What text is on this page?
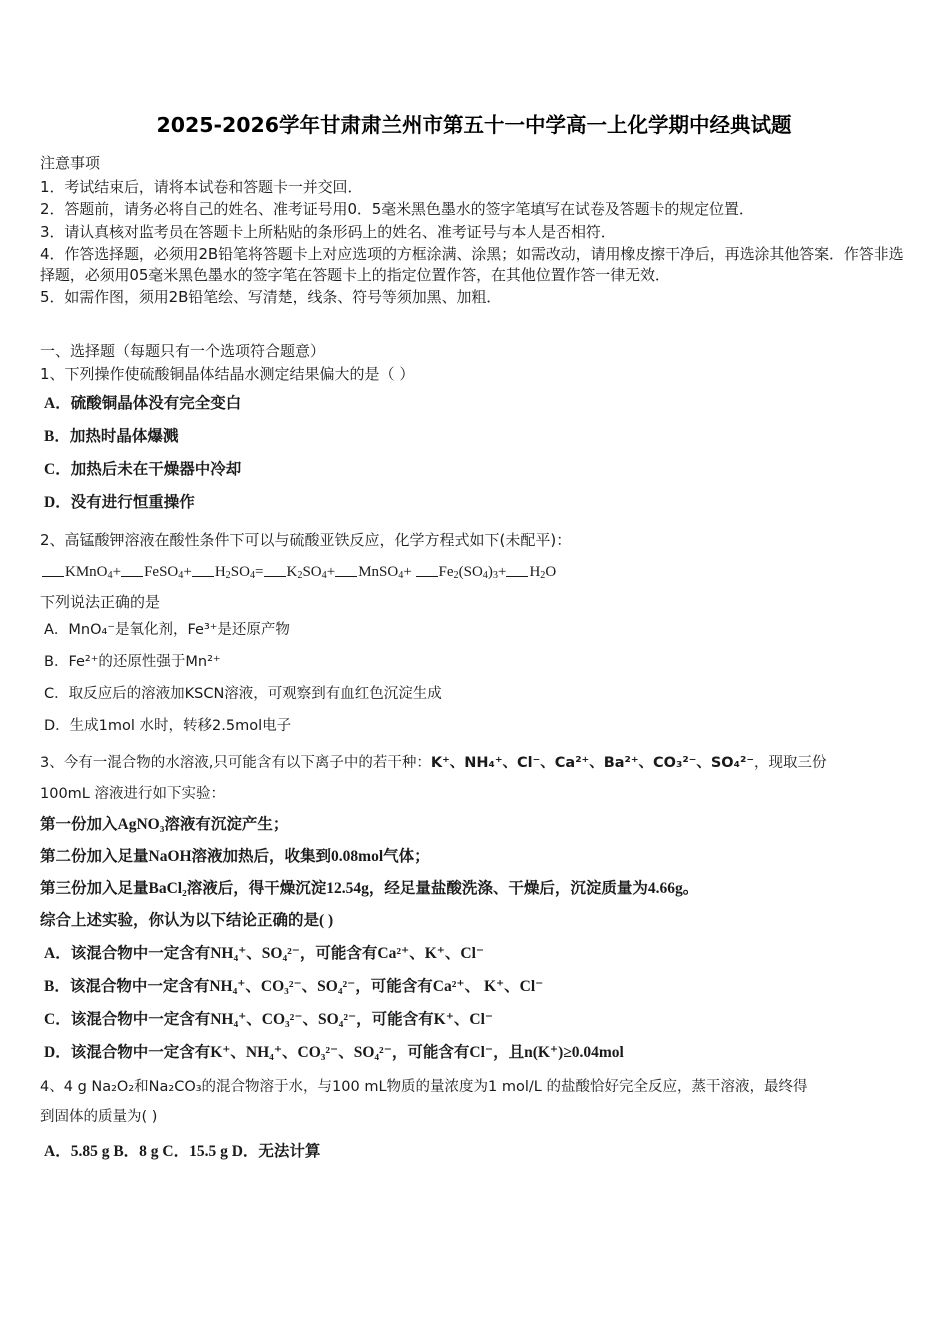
2025-2026学年甘肃肃兰州市第五十一中学高一上化学期中经典试题
注意事项
1．考试结束后，请将本试卷和答题卡一并交回．
2．答题前，请务必将自己的姓名、准考证号用0．5毫米黑色墨水的签字笔填写在试卷及答题卡的规定位置．
3．请认真核对监考员在答题卡上所粘贴的条形码上的姓名、准考证号与本人是否相符．
4．作答选择题，必须用2B铅笔将答题卡上对应选项的方框涂满、涂黑；如需改动，请用橡皮擦干净后，再选涂其他答案．作答非选择题，必须用05毫米黑色墨水的签字笔在答题卡上的指定位置作答，在其他位置作答一律无效．
5．如需作图，须用2B铅笔绘、写清楚，线条、符号等须加黑、加粗．
一、选择题（每题只有一个选项符合题意）
1、下列操作使硫酸铜晶体结晶水测定结果偏大的是（ ）
A．硫酸铜晶体没有完全变白
B．加热时晶体爆溅
C．加热后未在干燥器中冷却
D．没有进行恒重操作
2、高锰酸钾溶液在酸性条件下可以与硫酸亚铁反应，化学方程式如下(未配平)：
KMnO$_4$+ FeSO$_4$+ $H_2SO_4= K_2SO_4+$ MnSO$_4$+ $Fe_2(SO_4)_3+ H_2O$
下列说法正确的是
A．MnO₄⁻是氧化剂，Fe³⁺是还原产物
B．Fe²⁺的还原性强于Mn²⁺
C．取反应后的溶液加KSCN溶液，可观察到有血红色沉淀生成
D．生成1mol 水时，转移2.5mol电子
3、今有一混合物的水溶液,只可能含有以下离子中的若干种：K⁺、NH₄⁺、Cl⁻、Ca²⁺、Ba²⁺、CO₃²⁻、SO₄²⁻，现取三份
100mL 溶液进行如下实验：
第一份加入AgNO₃溶液有沉淀产生；
第二份加入足量NaOH溶液加热后，收集到0.08mol气体；
第三份加入足量BaCl₂溶液后，得干燥沉淀12.54g，经足量盐酸洗涤、干燥后，沉淀质量为4.66g。
综合上述实验，你认为以下结论正确的是( )
A．该混合物中一定含有NH₄⁺、SO₄²⁻，可能含有Ca²⁺、K⁺、Cl⁻
B．该混合物中一定含有NH₄⁺、CO₃²⁻、SO₄²⁻，可能含有Ca²⁺、 K⁺、Cl⁻
C．该混合物中一定含有NH₄⁺、CO₃²⁻、SO₄²⁻，可能含有K⁺、Cl⁻
D．该混合物中一定含有K⁺、NH₄⁺、CO₃²⁻、SO₄²⁻，可能含有Cl⁻，且n(K⁺)≥0.04mol
4、4 g Na₂O₂和Na₂CO₃的混合物溶于水，与100 mL物质的量浓度为1 mol/L 的盐酸恰好完全反应，蒸干溶液，最终得
到固体的质量为( )
A．5.85 g B．8 g C．15.5 g D．无法计算
